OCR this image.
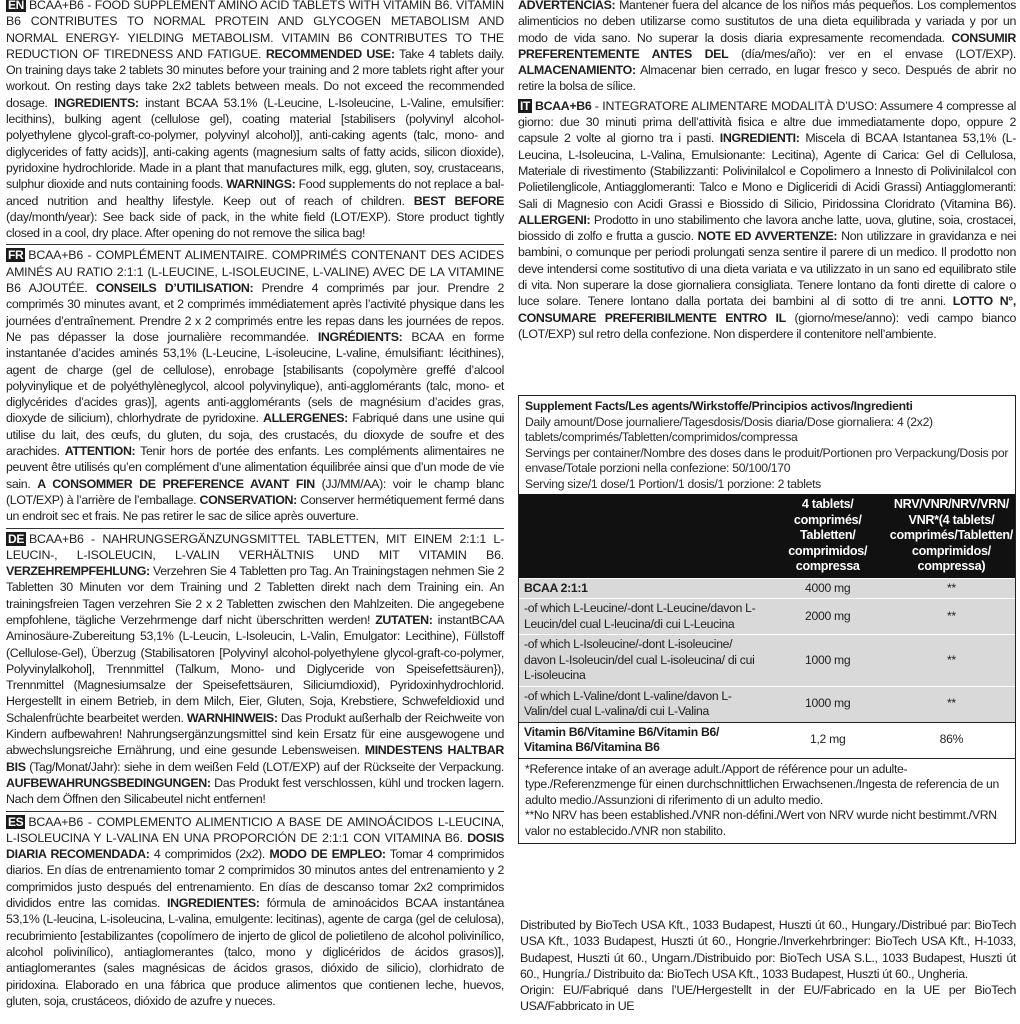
EN BCAA+B6 - FOOD SUPPLEMENT AMINO ACID TABLETS WITH VITAMIN B6. VITAMIN B6 CONTRIBUTES TO NORMAL PROTEIN AND GLYCOGEN METABOLISM AND NORMAL ENERGY- YIELDING METABOLISM. VITAMIN B6 CONTRIBUTES TO THE REDUCTION OF TIREDNESS AND FATIGUE. RECOMMENDED USE: Take 4 tablets daily. On training days take 2 tablets 30 minutes before your training and 2 more tablets right after your workout. On resting days take 2x2 tablets between meals. Do not exceed the recommended dosage. INGREDIENTS: instant BCAA 53.1% (L-Leucine, L-Isoleucine, L-Valine, emulsifier: lecithins), bulking agent (cellulose gel), coating material [stabilisers (polyvinyl alcohol-polyethylene glycol-graft-co-polymer, polyvinyl alcohol)], anti-caking agents (talc, mono- and diglycerides of fatty acids)], anti-caking agents (magnesium salts of fatty acids, silicon dioxide), pyridoxine hydrochloride. Made in a plant that manufactures milk, egg, gluten, soy, crustaceans, sulphur dioxide and nuts containing foods. WARNINGS: Food supplements do not replace a bal- anced nutrition and healthy lifestyle. Keep out of reach of children. BEST BEFORE (day/month/year): See back side of pack, in the white field (LOT/EXP). Store product tightly closed in a cool, dry place. After opening do not remove the silica bag!

FR BCAA+B6 - COMPLÉMENT ALIMENTAIRE. COMPRIMÉS CONTENANT DES ACIDES AMINÉS AU RATIO 2:1:1 (L-LEUCINE, L-ISOLEUCINE, L-VALINE) AVEC DE LA VITAMINE B6 AJOUTÉE. CONSEILS D’UTILISATION: Prendre 4 comprimés par jour. Prendre 2 comprimés 30 minutes avant, et 2 comprimés immédiatement après l’activité physique dans les journées d’entraînement. Prendre 2 x 2 comprimés entre les repas dans les journées de repos. Ne pas dépasser la dose journalière recommandée. INGRÉDIENTS: BCAA en forme instantanée d’acides aminés 53,1% (L-Leucine, L-isoleucine, L-valine, émulsifiant: lécithines), agent de charge (gel de cellulose), enrobage [stabilisants (copolymère greffé d’alcool polyvinylique et de polyéthylèneglycol, alcool polyvinylique), anti-agglomérants (talc, mono- et diglycérides d’acides gras)], agents anti-agglomérants (sels de magnésium d’acides gras, dioxyde de silicium), chlorhydrate de pyridoxine. ALLERGENES: Fabriqué dans une usine qui utilise du lait, des œufs, du gluten, du soja, des crustacés, du dioxyde de soufre et des arachides. ATTENTION: Tenir hors de portée des enfants. Les compléments alimentaires ne peuvent être utilisés qu’en complément d’une alimentation équilibrée ainsi que d’un mode de vie sain. A CONSOMMER DE PREFERENCE AVANT FIN (JJ/MM/AA): voir le champ blanc (LOT/EXP) à l’arrière de l’emballage. CONSERVATION: Conserver hermétiquement fermé dans un endroit sec et frais. Ne pas retirer le sac de silice après ouverture.

DE BCAA+B6 - NAHRUNGSERGÄNZUNGSMITTEL TABLETTEN, MIT EINEM 2:1:1 L-LEUCIN-, L-ISOLEUCIN, L-VALIN VERHÄLTNIS UND MIT VITAMIN B6. VERZEHREMPFEHLUNG: Verzehren Sie 4 Tabletten pro Tag. An Trainingstagen nehmen Sie 2 Tabletten 30 Minuten vor dem Training und 2 Tabletten direkt nach dem Training ein. An trainingsfreien Tagen verzehren Sie 2 x 2 Tabletten zwischen den Mahlzeiten. Die angegebene empfohlene, tägliche Verzehrmenge darf nicht überschritten werden! ZUTATEN: instantBCAA Aminosäure-Zubereitung 53,1% (L-Leucin, L-Isoleucin, L-Valin, Emulgator: Lecithine), Füllstoff (Cellulose-Gel), Überzug (Stabilisatoren [Polyvinyl alcohol-polyethylene glycol-graft-co-polymer, Polyvinylalkohol], Trennmittel (Talkum, Mono- und Diglyceride von Speisefettsäuren}), Trennmittel (Magnesiumsalze der Speisefettsäuren, Siliciumdioxid), Pyridoxinhydrochlorid. Hergestellt in einem Betrieb, in dem Milch, Eier, Gluten, Soja, Krebstiere, Schwefeldioxid und Schalenfrüchte bearbeitet werden. WARNHINWEIS: Das Produkt außerhalb der Reichweite von Kindern aufbewahren! Nahrungsergänzungsmittel sind kein Ersatz für eine ausgewogene und abwechslungsreiche Ernährung, und eine gesunde Lebensweisen. MINDESTENS HALTBAR BIS (Tag/Monat/Jahr): siehe in dem weißen Feld (LOT/EXP) auf der Rückseite der Verpackung. AUFBEWAHRUNGSBEDINGUNGEN: Das Produkt fest verschlossen, kühl und trocken lagern. Nach dem Öffnen den Silicabeutel nicht entfernen!

ES BCAA+B6 - COMPLEMENTO ALIMENTICIO A BASE DE AMINOÁCIDOS L-LEUCINA, L-ISOLEUCINA Y L-VALINA EN UNA PROPORCIÓN DE 2:1:1 CON VITAMINA B6. DOSIS DIARIA RECOMENDADA: 4 comprimidos (2x2). MODO DE EMPLEO: Tomar 4 comprimidos diarios. En días de entrenamiento tomar 2 comprimidos 30 minutos antes del entrenamiento y 2 comprimidos justo después del entrenamiento. En días de descanso tomar 2x2 comprimidos divididos entre las comidas. INGREDIENTES: fórmula de aminoácidos BCAA instantánea 53,1% (L-leucina, L-isoleucina, L-valina, emulgente: lecitinas), agente de carga (gel de celulosa), recubrimiento [estabilizantes (copolímero de injerto de glicol de polietileno de alcohol polivinílico, alcohol polivinílico), antiaglomerantes (talco, mono y diglicéridos de ácidos grasos)], antiaglomerantes (sales magnésicas de ácidos grasos, dióxido de silicio), clorhidrato de piridoxina. Elaborado en una fábrica que produce alimentos que contienen leche, huevos, gluten, soja, crustáceos, dióxido de azufre y nueces.

ADVERTENCIAS: Mantener fuera del alcance de los niños más pequeños. Los complementos alimenticios no deben utilizarse como sustitutos de una dieta equilibrada y variada y por un modo de vida sano. No superar la dosis diaria expresamente recomendada. CONSUMIR PREFERENTEMENTE ANTES DEL (día/mes/año): ver en el envase (LOT/EXP). ALMACENAMIENTO: Almacenar bien cerrado, en lugar fresco y seco. Después de abrir no retire la bolsa de sílice.

IT BCAA+B6 - INTEGRATORE ALIMENTARE MODALITÀ D’USO: Assumere 4 compresse al giorno: due 30 minuti prima dell’attività fisica e altre due immediatamente dopo, oppure 2 capsule 2 volte al giorno tra i pasti. INGREDIENTI: Miscela di BCAA Istantanea 53,1% (L-Leucina, L-Isoleucina, L-Valina, Emulsionante: Lecitina), Agente di Carica: Gel di Cellulosa, Materiale di rivestimento (Stabilizzanti: Polivinilalcol e Copolimero a Innesto di Polivinilalcol con Polietilenglicole, Antiagglomeranti: Talco e Mono e Digliceridi di Acidi Grassi) Antiagglomeranti: Sali di Magnesio con Acidi Grassi e Biossido di Silicio, Piridossina Cloridrato (Vitamina B6). ALLERGENI: Prodotto in uno stabilimento che lavora anche latte, uova, glutine, soia, crostacei, biossido di zolfo e frutta a guscio. NOTE ED AVVERTENZE: Non utilizzare in gravidanza e nei bambini, o comunque per periodi prolungati senza sentire il parere di un medico. Il prodotto non deve intendersi come sostitutivo di una dieta variata e va utilizzato in un sano ed equilibrato stile di vita. Non superare la dose giornaliera consigliata. Tenere lontano da fonti dirette di calore o luce solare. Tenere lontano dalla portata dei bambini al di sotto di tre anni. LOTTO N°, CONSUMARE PREFERIBILMENTE ENTRO IL (giorno/mese/anno): vedi campo bianco (LOT/EXP) sul retro della confezione. Non disperdere il contenitore nell’ambiente.

Supplement Facts/Les agents/Wirkstoffe/Principios activos/Ingredienti
Daily amount/Dose journaliere/Tagesdosis/Dosis diaria/Dose giornaliera: 4 (2x2) tablets/comprimés/Tabletten/comprimidos/compressa
Servings per container/Nombre des doses dans le produit/Portionen pro Verpackung/Dosis por envase/Totale porzioni nella confezione: 50/100/170
Serving size/1 dose/1 Portion/1 dosis/1 porzione: 2 tablets
	4 tablets/ comprimés/ Tabletten/ comprimidos/ compressa	NRV/VNR/NRV/VRN/ VNR*(4 tablets/ comprimés/Tabletten/ comprimidos/ compressa)
BCAA 2:1:1	4000 mg	**
-of which L-Leucine/-dont L-Leucine/davon L-Leucin/del cual L-leucina/di cui L-Leucina	2000 mg	**
-of which L-Isoleucine/-dont L-isoleucine/ davon L-Isoleucin/del cual L-isoleucina/ di cui L-isoleucina	1000 mg	**
-of which L-Valine/dont L-valine/davon L-Valin/del cual L-valina/di cui L-Valina	1000 mg	**
Vitamin B6/Vitamine B6/Vitamin B6/ Vitamina B6/Vitamina B6	1,2 mg	86%
*Reference intake of an average adult./Apport de référence pour un adulte-type./Referenzmenge für einen durchschnittlichen Erwachsenen./Ingesta de referencia de un adulto medio./Assunzioni di riferimento di un adulto medio.
**No NRV has been established./VNR non-défini./Wert von NRV wurde nicht bestimmt./VRN valor no establecido./VNR non stabilito.
Distributed by BioTech USA Kft., 1033 Budapest, Huszti út 60., Hungary./Distribué par: BioTech USA Kft., 1033 Budapest, Huszti út 60., Hongrie./Inverkehrbringer: BioTech USA Kft., H-1033, Budapest, Huszti út 60., Ungarn./Distribuido por: BioTech USA S.L., 1033 Budapest, Huszti út 60., Hungría./ Distribuito da: BioTech USA Kft., 1033 Budapest, Huszti út 60., Ungheria.
Origin: EU/Fabriqué dans l’UE/Hergestellt in der EU/Fabricado en la UE per BioTech USA/Fabbricato in UE
